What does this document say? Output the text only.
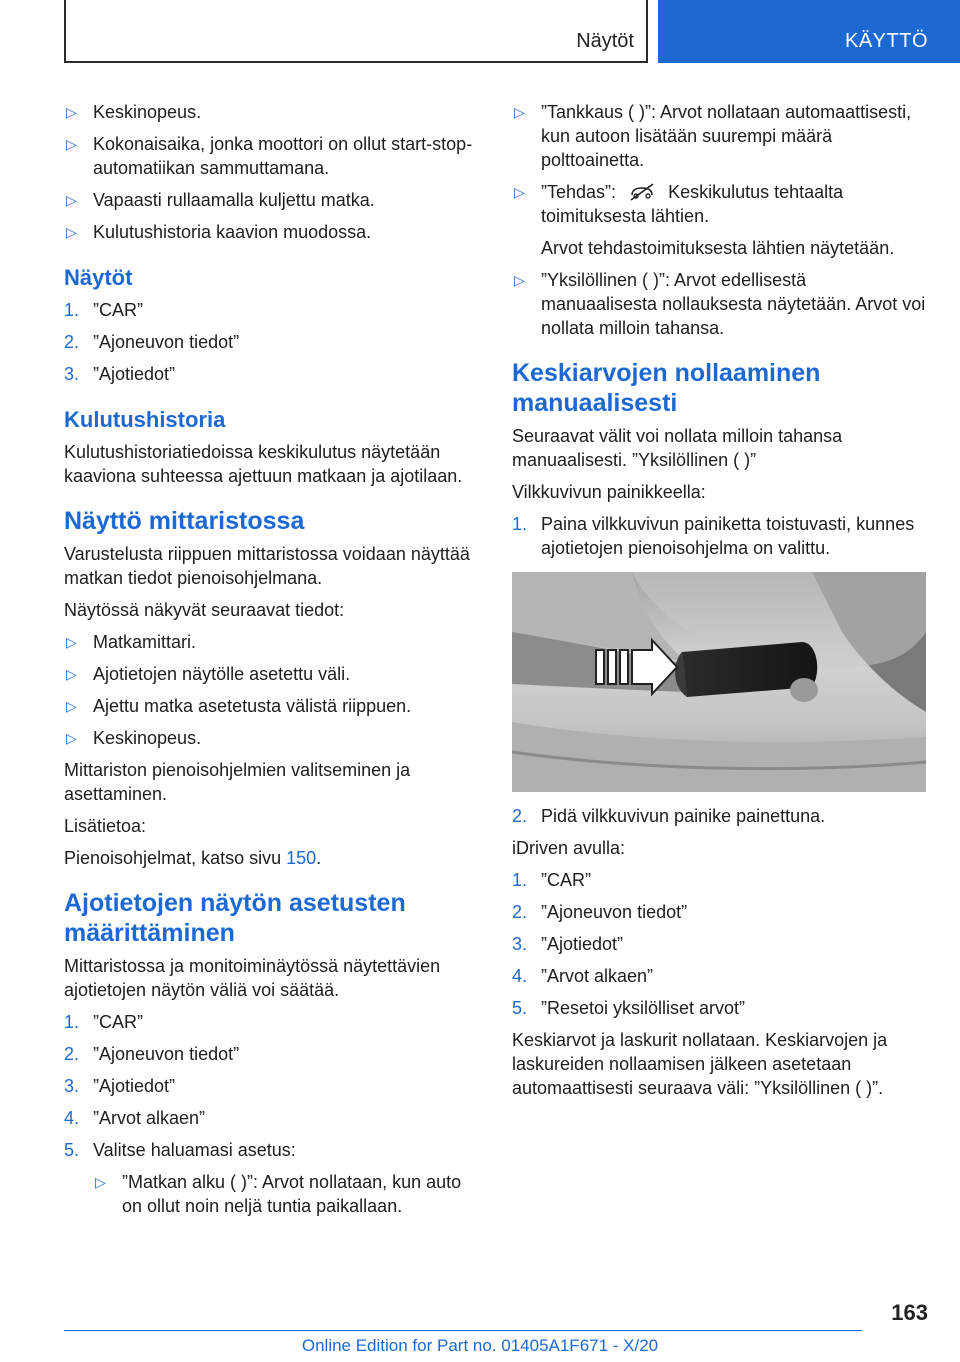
Näytöt	KÄYTTÖ
▷ Keskinopeus.
▷ Kokonaisaika, jonka moottori on ollut start-stop-automatiikan sammuttamana.
▷ Vapaasti rullaamalla kuljettu matka.
▷ Kulutushistoria kaavion muodossa.
Näytöt
1. ”CAR”
2. ”Ajoneuvon tiedot”
3. ”Ajotiedot”
Kulutushistoria

Kulutushistoriatiedoissa keskikulutus näytetään kaaviona suhteessa ajettuun matkaan ja ajotilaan.

Näyttö mittaristossa

Varustelusta riippuen mittaristossa voidaan näyttää matkan tiedot pienoisohjelmana.

Näytössä näkyvät seuraavat tiedot:

▷ Matkamittari.
▷ Ajotietojen näytölle asetettu väli.
▷ Ajettu matka asetetusta välistä riippuen.
▷ Keskinopeus.

Mittariston pienoisohjelmien valitseminen ja asettaminen.

Lisätietoa:

Pienoisohjelmat, katso sivu 150.

Ajotietojen näytön asetusten määrittäminen

Mittaristossa ja monitoiminäytössä näytettävien ajotietojen näytön väliä voi säätää.

1. ”CAR”
2. ”Ajoneuvon tiedot”
3. ”Ajotiedot”
4. ”Arvot alkaen”
5. Valitse haluamasi asetus:
▷ ”Matkan alku ( )”: Arvot nollataan, kun auto on ollut noin neljä tuntia paikallaan.
▷ ”Tankkaus ( )”: Arvot nollataan automaattisesti, kun autoon lisätään suurempi määrä polttoainetta.
▷ ”Tehdas”:	Keskikulutus tehtaalta toimituksesta lähtien.

Arvot tehdastoimituksesta lähtien näytetään.

▷ ”Yksilöllinen ( )”: Arvot edellisestä manuaalisesta nollauksesta näytetään. Arvot voi nollata milloin tahansa.
Keskiarvojen nollaaminen manuaalisesti

Seuraavat välit voi nollata milloin tahansa manuaalisesti. ”Yksilöllinen ( )”

Vilkkuvivun painikkeella:

1. Paina vilkkuvivun painiketta toistuvasti, kunnes ajotietojen pienoisohjelma on valittu.
2. Pidä vilkkuvivun painike painettuna.

iDriven avulla:

1. ”CAR”
2. ”Ajoneuvon tiedot”
3. ”Ajotiedot”
4. ”Arvot alkaen”
5. ”Resetoi yksilölliset arvot”

Keskiarvot ja laskurit nollataan. Keskiarvojen ja laskureiden nollaamisen jälkeen asetetaan automaattisesti seuraava väli: ”Yksilöllinen ( )”.

163
Online Edition for Part no. 01405A1F671 - X/20
